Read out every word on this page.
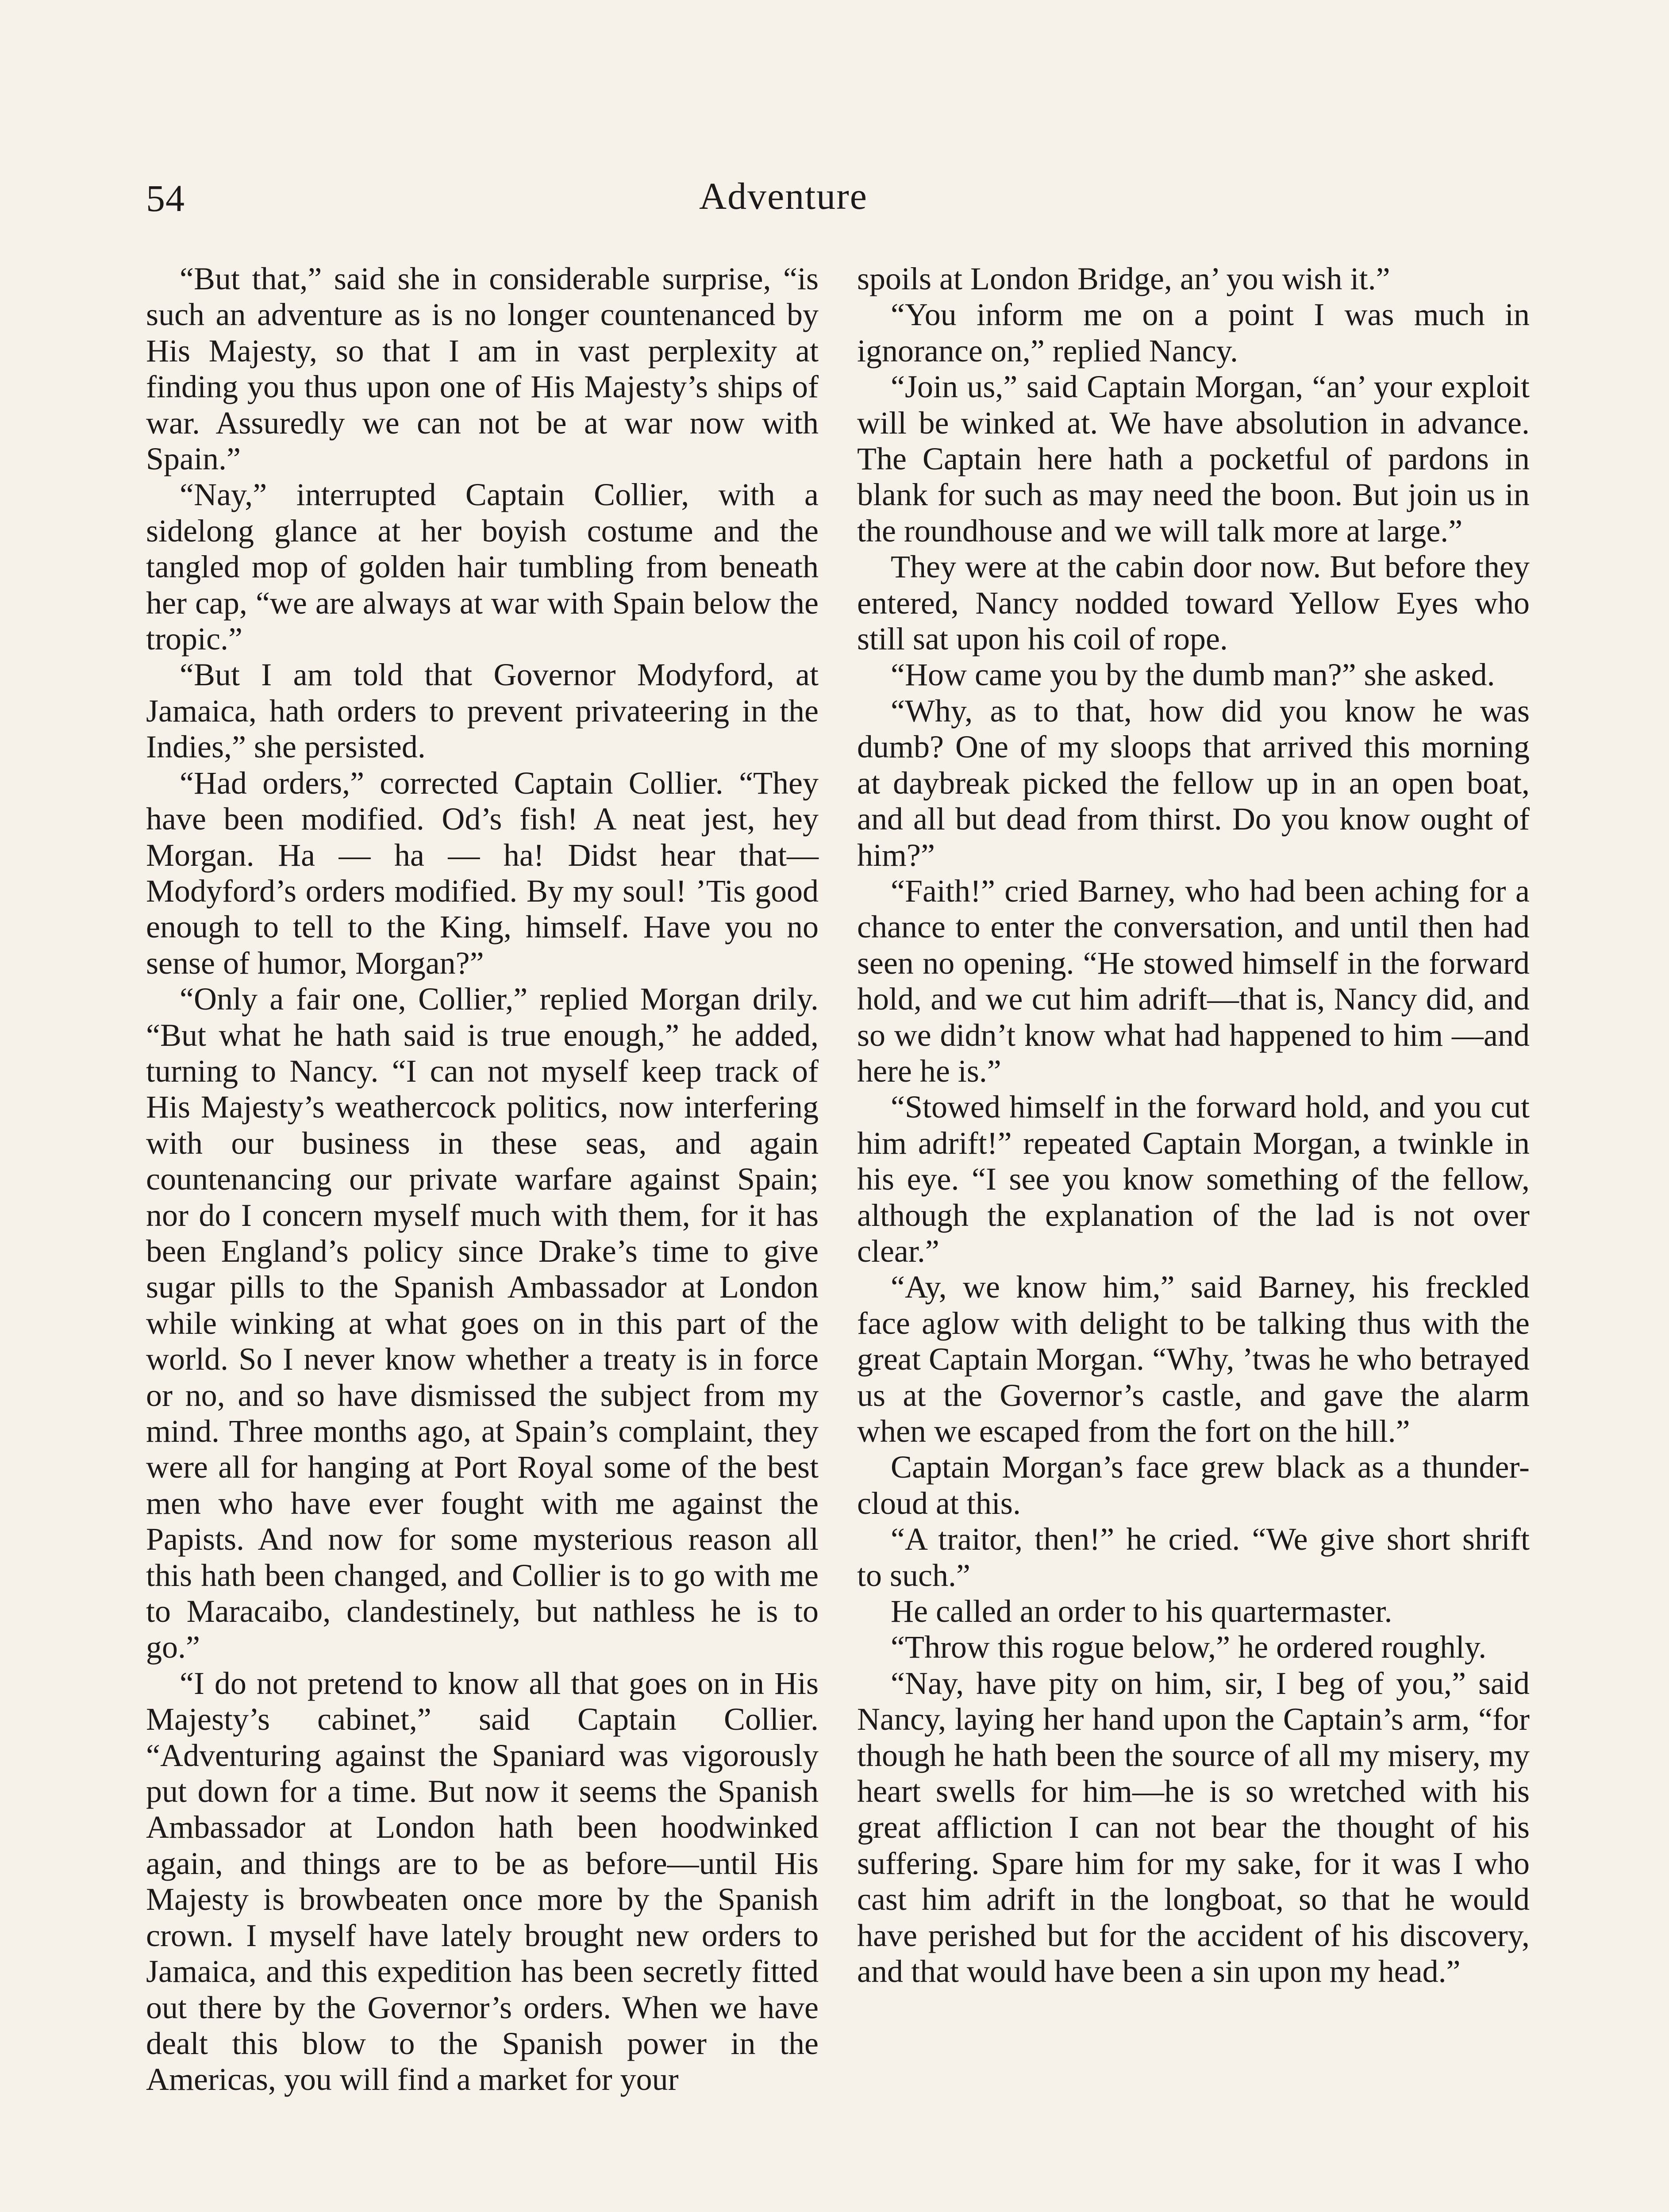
54	Adventure

“But that,” said she in considerable surprise, “is such an adventure as is no longer countenanced by His Majesty, so that I am in vast perplexity at finding you thus upon one of His Majesty’s ships of war. Assuredly we can not be at war now with Spain.”

“Nay,” interrupted Captain Collier, with a sidelong glance at her boyish costume and the tangled mop of golden hair tumbling from beneath her cap, “we are always at war with Spain below the tropic.”

“But I am told that Governor Modyford, at Jamaica, hath orders to prevent privateering in the Indies,” she persisted.

“Had orders,” corrected Captain Collier. “They have been modified. Od’s fish! A neat jest, hey Morgan. Ha — ha — ha! Didst hear that—Modyford’s orders modified. By my soul! ’Tis good enough to tell to the King, himself. Have you no sense of humor, Morgan?”

“Only a fair one, Collier,” replied Morgan drily. “But what he hath said is true enough,” he added, turning to Nancy. “I can not myself keep track of His Majesty’s weathercock politics, now interfering with our business in these seas, and again countenancing our private warfare against Spain; nor do I concern myself much with them, for it has been England’s policy since Drake’s time to give sugar pills to the Spanish Ambassador at London while winking at what goes on in this part of the world. So I never know whether a treaty is in force or no, and so have dismissed the subject from my mind. Three months ago, at Spain’s complaint, they were all for hanging at Port Royal some of the best men who have ever fought with me against the Papists. And now for some mysterious reason all this hath been changed, and Collier is to go with me to Maracaibo, clandestinely, but nathless he is to go.”

“I do not pretend to know all that goes on in His Majesty’s cabinet,” said Captain Collier. “Adventuring against the Spaniard was vigorously put down for a time. But now it seems the Spanish Ambassador at London hath been hoodwinked again, and things are to be as before—until His Majesty is browbeaten once more by the Spanish crown. I myself have lately brought new orders to Jamaica, and this expedition has been secretly fitted out there by the Governor’s orders. When we have dealt this blow to the Spanish power in the Americas, you will find a market for your

spoils at London Bridge, an’ you wish it.”

“You inform me on a point I was much in ignorance on,” replied Nancy.

“Join us,” said Captain Morgan, “an’ your exploit will be winked at. We have absolution in advance. The Captain here hath a pocketful of pardons in blank for such as may need the boon. But join us in the roundhouse and we will talk more at large.”

They were at the cabin door now. But before they entered, Nancy nodded toward Yellow Eyes who still sat upon his coil of rope.

“How came you by the dumb man?” she asked.

“Why, as to that, how did you know he was dumb? One of my sloops that arrived this morning at daybreak picked the fellow up in an open boat, and all but dead from thirst. Do you know ought of him?”

“Faith!” cried Barney, who had been aching for a chance to enter the conversation, and until then had seen no opening. “He stowed himself in the forward hold, and we cut him adrift—that is, Nancy did, and so we didn’t know what had happened to him —and here he is.”

“Stowed himself in the forward hold, and you cut him adrift!” repeated Captain Morgan, a twinkle in his eye. “I see you know something of the fellow, although the explanation of the lad is not over clear.”

“Ay, we know him,” said Barney, his freckled face aglow with delight to be talking thus with the great Captain Morgan. “Why, ’twas he who betrayed us at the Governor’s castle, and gave the alarm when we escaped from the fort on the hill.”

Captain Morgan’s face grew black as a thunder-cloud at this.

“A traitor, then!” he cried. “We give short shrift to such.”

He called an order to his quartermaster.

“Throw this rogue below,” he ordered roughly.

“Nay, have pity on him, sir, I beg of you,” said Nancy, laying her hand upon the Captain’s arm, “for though he hath been the source of all my misery, my heart swells for him—he is so wretched with his great affliction I can not bear the thought of his suffering. Spare him for my sake, for it was I who cast him adrift in the longboat, so that he would have perished but for the accident of his discovery, and that would have been a sin upon my head.”
